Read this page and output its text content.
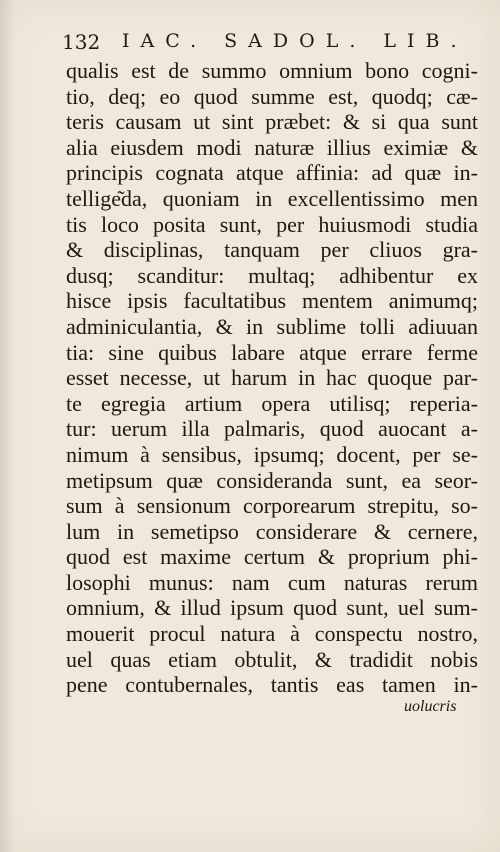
132 IAC. SADOL. LIB.
qualis est de summo omnium bono cogni-
tio, deq; eo quod summe est, quodq; cæ-
teris causam ut sint præbet: & si qua sunt
alia eiusdem modi naturæ illius eximiæ &
principis cognata atque affinia: ad quæ in-
tellige͂da, quoniam in excellentissimo men
tis loco posita sunt, per huiusmodi studia
& disciplinas, tanquam per cliuos gra-
dusq; scanditur: multaq; adhibentur ex
hisce ipsis facultatibus mentem animumq;
adminiculantia, & in sublime tolli adiuuan
tia: sine quibus labare atque errare ferme
esset necesse, ut harum in hac quoque par-
te egregia artium opera utilisq; reperia-
tur: uerum illa palmaris, quod auocant a-
nimum à sensibus, ipsumq; docent, per se-
metipsum quæ consideranda sunt, ea seor-
sum à sensionum corporearum strepitu, so-
lum in semetipso considerare & cernere,
quod est maxime certum & proprium phi-
losophi munus: nam cum naturas rerum
omnium, & illud ipsum quod sunt, uel sum-
mouerit procul natura à conspectu nostro,
uel quas etiam obtulit, & tradidit nobis
pene contubernales, tantis eas tamen in-
uolucris
